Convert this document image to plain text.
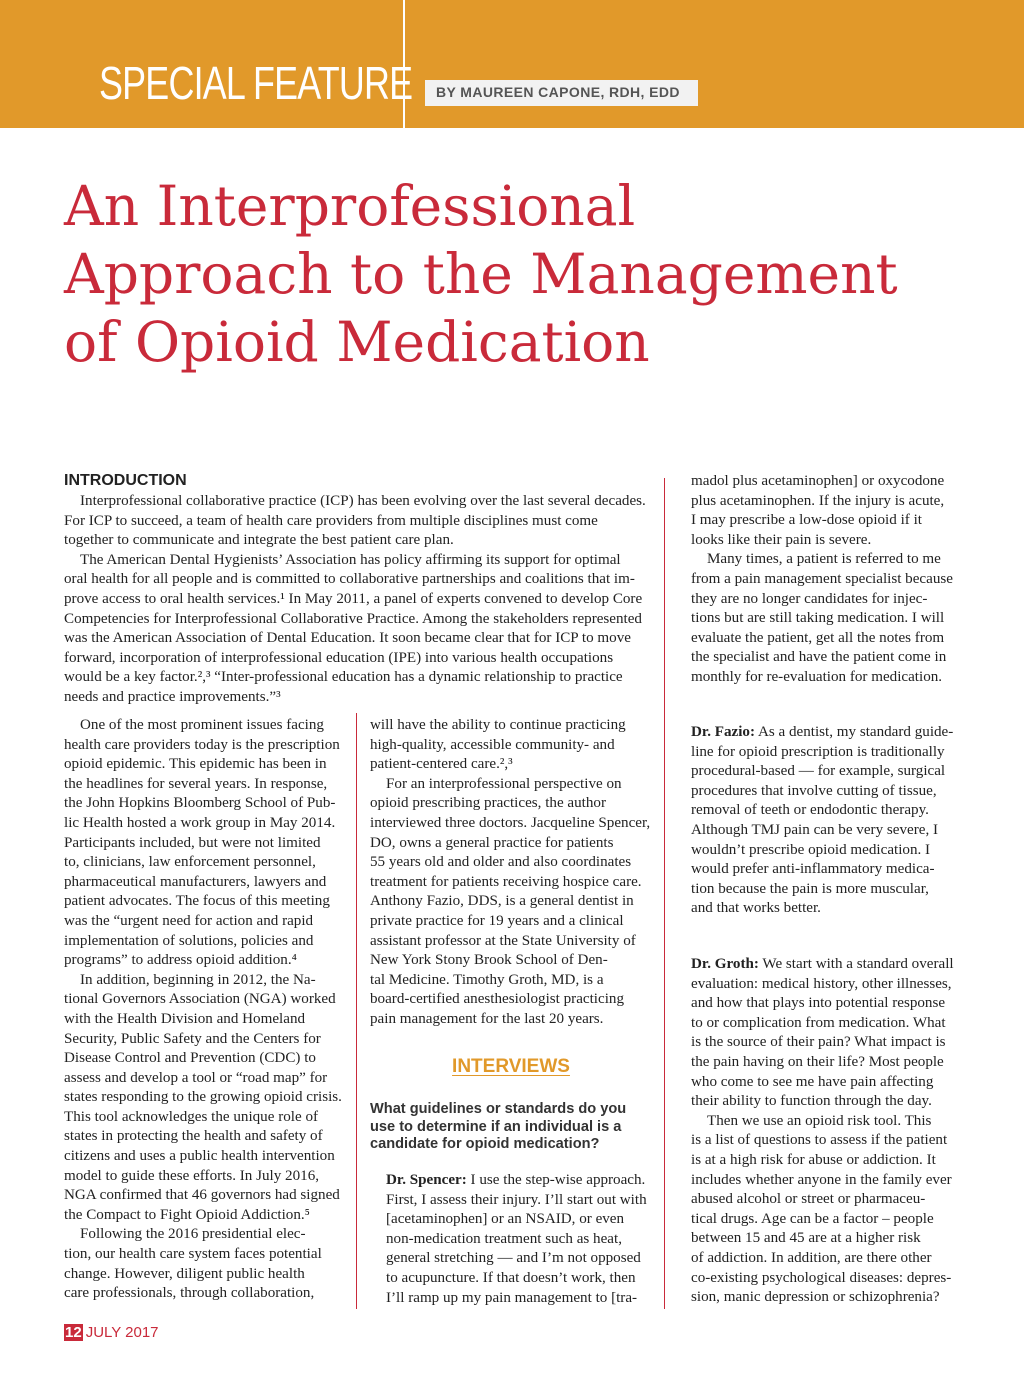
SPECIAL FEATURE BY MAUREEN CAPONE, RDH, EDD
An Interprofessional
Approach to the Management
of Opioid Medication
INTRODUCTION
Interprofessional collaborative practice (ICP) has been evolving over the last several decades.
For ICP to succeed, a team of health care providers from multiple disciplines must come
together to communicate and integrate the best patient care plan.
The American Dental Hygienists’ Association has policy affirming its support for optimal
oral health for all people and is committed to collaborative partnerships and coalitions that im-
prove access to oral health services.¹ In May 2011, a panel of experts convened to develop Core
Competencies for Interprofessional Collaborative Practice. Among the stakeholders represented
was the American Association of Dental Education. It soon became clear that for ICP to move
forward, incorporation of interprofessional education (IPE) into various health occupations
would be a key factor.²,³ “Inter-professional education has a dynamic relationship to practice
needs and practice improvements.”³
One of the most prominent issues facing
health care providers today is the prescription
opioid epidemic. This epidemic has been in
the headlines for several years. In response,
the John Hopkins Bloomberg School of Pub-
lic Health hosted a work group in May 2014.
Participants included, but were not limited
to, clinicians, law enforcement personnel,
pharmaceutical manufacturers, lawyers and
patient advocates. The focus of this meeting
was the “urgent need for action and rapid
implementation of solutions, policies and
programs” to address opioid addition.⁴
In addition, beginning in 2012, the Na-
tional Governors Association (NGA) worked
with the Health Division and Homeland
Security, Public Safety and the Centers for
Disease Control and Prevention (CDC) to
assess and develop a tool or “road map” for
states responding to the growing opioid crisis.
This tool acknowledges the unique role of
states in protecting the health and safety of
citizens and uses a public health intervention
model to guide these efforts. In July 2016,
NGA confirmed that 46 governors had signed
the Compact to Fight Opioid Addiction.⁵
Following the 2016 presidential elec-
tion, our health care system faces potential
change. However, diligent public health
care professionals, through collaboration,
will have the ability to continue practicing
high-quality, accessible community- and
patient-centered care.²,³
For an interprofessional perspective on
opioid prescribing practices, the author
interviewed three doctors. Jacqueline Spencer,
DO, owns a general practice for patients
55 years old and older and also coordinates
treatment for patients receiving hospice care.
Anthony Fazio, DDS, is a general dentist in
private practice for 19 years and a clinical
assistant professor at the State University of
New York Stony Brook School of Den-
tal Medicine. Timothy Groth, MD, is a
board-certified anesthesiologist practicing
pain management for the last 20 years.
INTERVIEWS
What guidelines or standards do you
use to determine if an individual is a
candidate for opioid medication?
Dr. Spencer: I use the step-wise approach.
First, I assess their injury. I’ll start out with
[acetaminophen] or an NSAID, or even
non-medication treatment such as heat,
general stretching — and I’m not opposed
to acupuncture. If that doesn’t work, then
I’ll ramp up my pain management to [tra-
madol plus acetaminophen] or oxycodone
plus acetaminophen. If the injury is acute,
I may prescribe a low-dose opioid if it
looks like their pain is severe.
Many times, a patient is referred to me
from a pain management specialist because
they are no longer candidates for injec-
tions but are still taking medication. I will
evaluate the patient, get all the notes from
the specialist and have the patient come in
monthly for re-evaluation for medication.
Dr. Fazio: As a dentist, my standard guide-
line for opioid prescription is traditionally
procedural-based — for example, surgical
procedures that involve cutting of tissue,
removal of teeth or endodontic therapy.
Although TMJ pain can be very severe, I
wouldn’t prescribe opioid medication. I
would prefer anti-inflammatory medica-
tion because the pain is more muscular,
and that works better.
Dr. Groth: We start with a standard overall
evaluation: medical history, other illnesses,
and how that plays into potential response
to or complication from medication. What
is the source of their pain? What impact is
the pain having on their life? Most people
who come to see me have pain affecting
their ability to function through the day.
Then we use an opioid risk tool. This
is a list of questions to assess if the patient
is at a high risk for abuse or addiction. It
includes whether anyone in the family ever
abused alcohol or street or pharmaceu-
tical drugs. Age can be a factor – people
between 15 and 45 are at a higher risk
of addiction. In addition, are there other
co-existing psychological diseases: depres-
sion, manic depression or schizophrenia?
12 JULY 2017
